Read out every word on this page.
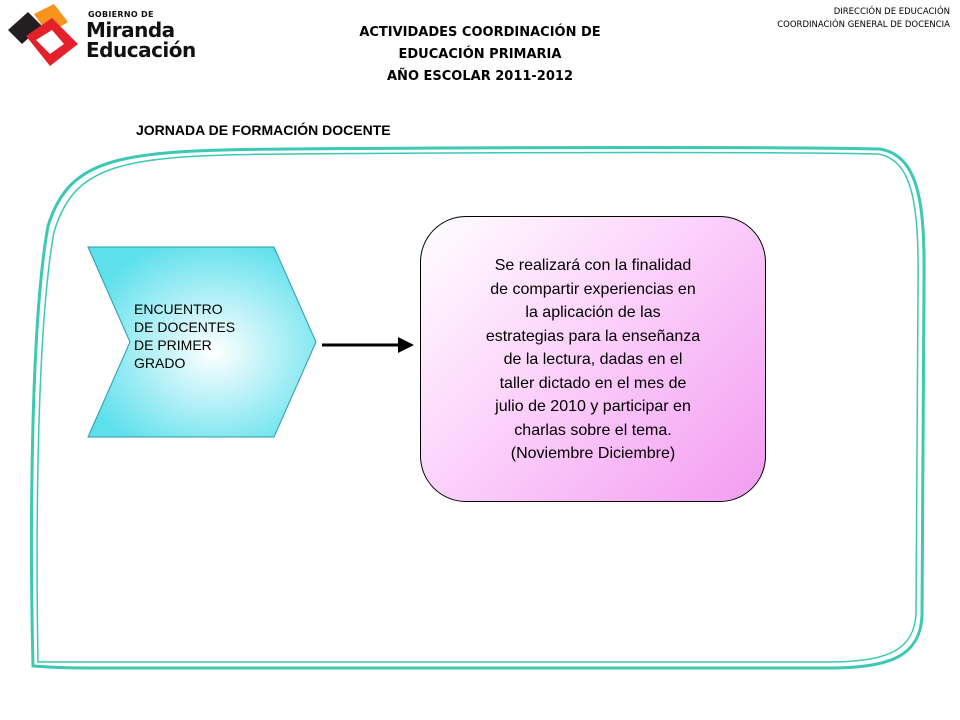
GOBIERNO DE
Miranda
Educación
ACTIVIDADES COORDINACIÓN DE
EDUCACIÓN PRIMARIA
AÑO ESCOLAR 2011-2012
DIRECCIÓN DE EDUCACIÓN
COORDINACIÓN GENERAL DE DOCENCIA
JORNADA DE FORMACIÓN DOCENTE
ENCUENTRO
DE DOCENTES
DE PRIMER
GRADO
Se realizará con la finalidad
de compartir experiencias en
la aplicación de las
estrategias para la enseñanza
de la lectura, dadas en el
taller dictado en el mes de
julio de 2010 y participar en
charlas sobre el tema.
(Noviembre Diciembre)
